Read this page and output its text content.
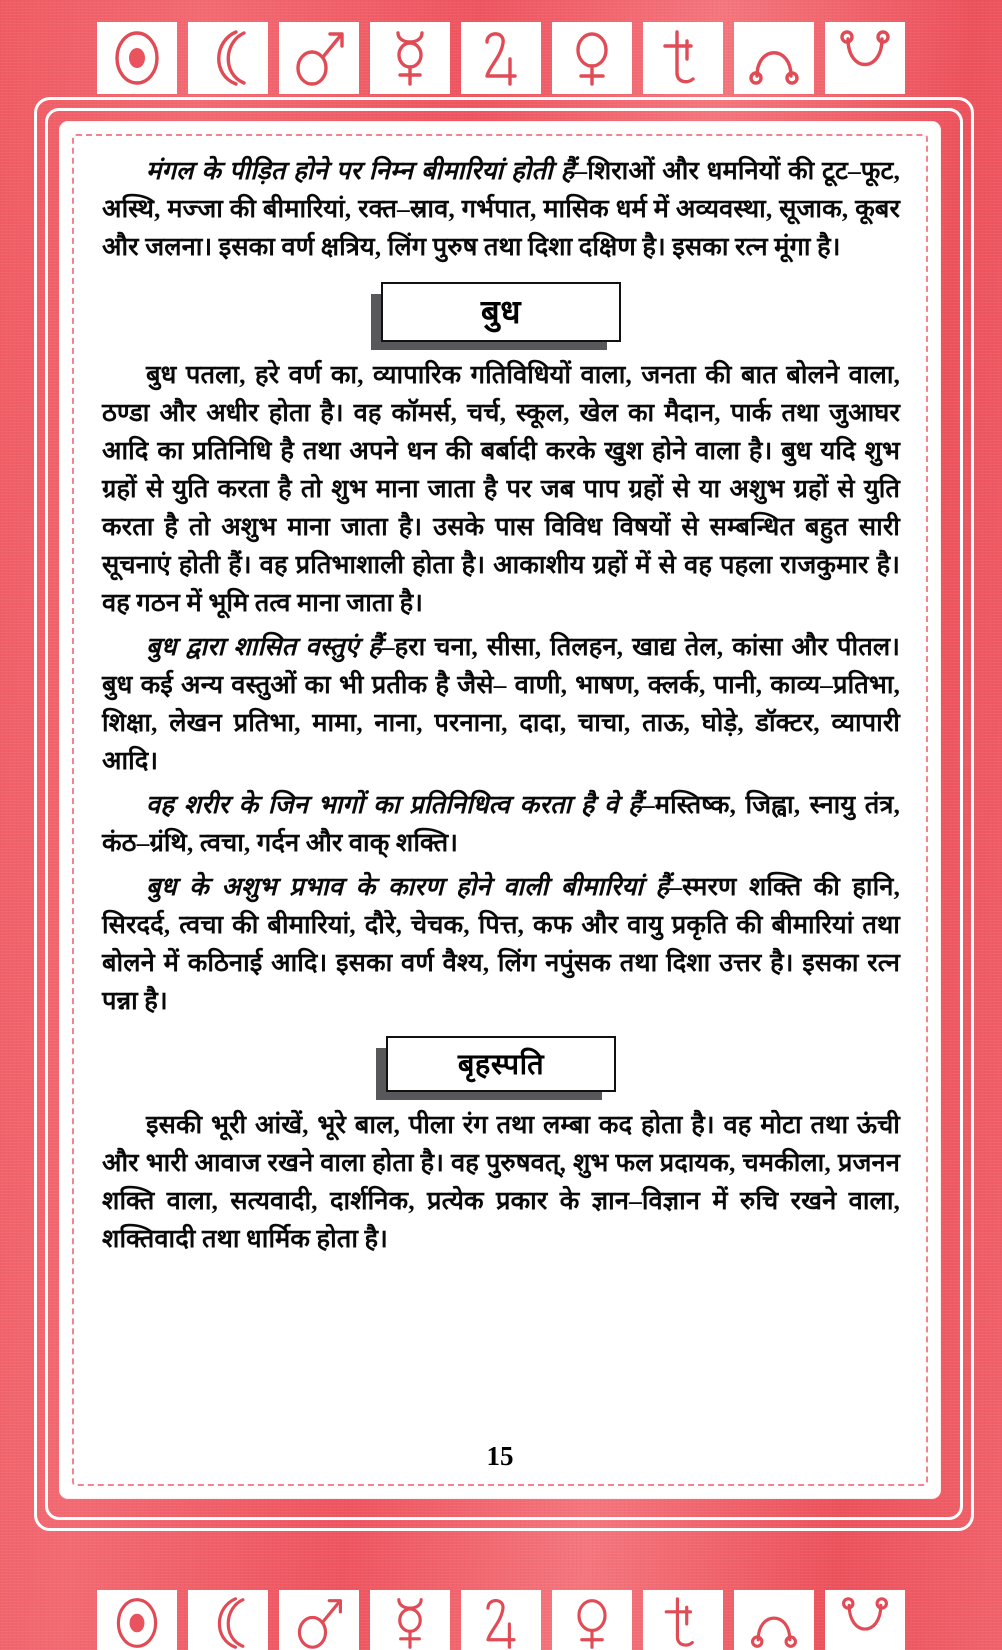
मंगल के पीड़ित होने पर निम्न बीमारियां होती हैं–शिराओं और धमनियों की टूट–फूट, अस्थि, मज्जा की बीमारियां, रक्त–स्राव, गर्भपात, मासिक धर्म में अव्यवस्था, सूजाक, कूबर और जलना। इसका वर्ण क्षत्रिय, लिंग पुरुष तथा दिशा दक्षिण है। इसका रत्न मूंगा है।

बुध

बुध पतला, हरे वर्ण का, व्यापारिक गतिविधियों वाला, जनता की बात बोलने वाला, ठण्डा और अधीर होता है। वह कॉमर्स, चर्च, स्कूल, खेल का मैदान, पार्क तथा जुआघर आदि का प्रतिनिधि है तथा अपने धन की बर्बादी करके खुश होने वाला है। बुध यदि शुभ ग्रहों से युति करता है तो शुभ माना जाता है पर जब पाप ग्रहों से या अशुभ ग्रहों से युति करता है तो अशुभ माना जाता है। उसके पास विविध विषयों से सम्बन्धित बहुत सारी सूचनाएं होती हैं। वह प्रतिभाशाली होता है। आकाशीय ग्रहों में से वह पहला राजकुमार है। वह गठन में भूमि तत्व माना जाता है।

बुध द्वारा शासित वस्तुएं हैं–हरा चना, सीसा, तिलहन, खाद्य तेल, कांसा और पीतल। बुध कई अन्य वस्तुओं का भी प्रतीक है जैसे– वाणी, भाषण, क्लर्क, पानी, काव्य–प्रतिभा, शिक्षा, लेखन प्रतिभा, मामा, नाना, परनाना, दादा, चाचा, ताऊ, घोड़े, डॉक्टर, व्यापारी आदि।

वह शरीर के जिन भागों का प्रतिनिधित्व करता है वे हैं–मस्तिष्क, जिह्वा, स्नायु तंत्र, कंठ–ग्रंथि, त्वचा, गर्दन और वाक् शक्ति।

बुध के अशुभ प्रभाव के कारण होने वाली बीमारियां हैं–स्मरण शक्ति की हानि, सिरदर्द, त्वचा की बीमारियां, दौरे, चेचक, पित्त, कफ और वायु प्रकृति की बीमारियां तथा बोलने में कठिनाई आदि। इसका वर्ण वैश्य, लिंग नपुंसक तथा दिशा उत्तर है। इसका रत्न पन्ना है।

बृहस्पति

इसकी भूरी आंखें, भूरे बाल, पीला रंग तथा लम्बा कद होता है। वह मोटा तथा ऊंची और भारी आवाज रखने वाला होता है। वह पुरुषवत्, शुभ फल प्रदायक, चमकीला, प्रजनन शक्ति वाला, सत्यवादी, दार्शनिक, प्रत्येक प्रकार के ज्ञान–विज्ञान में रुचि रखने वाला, शक्तिवादी तथा धार्मिक होता है।

15
